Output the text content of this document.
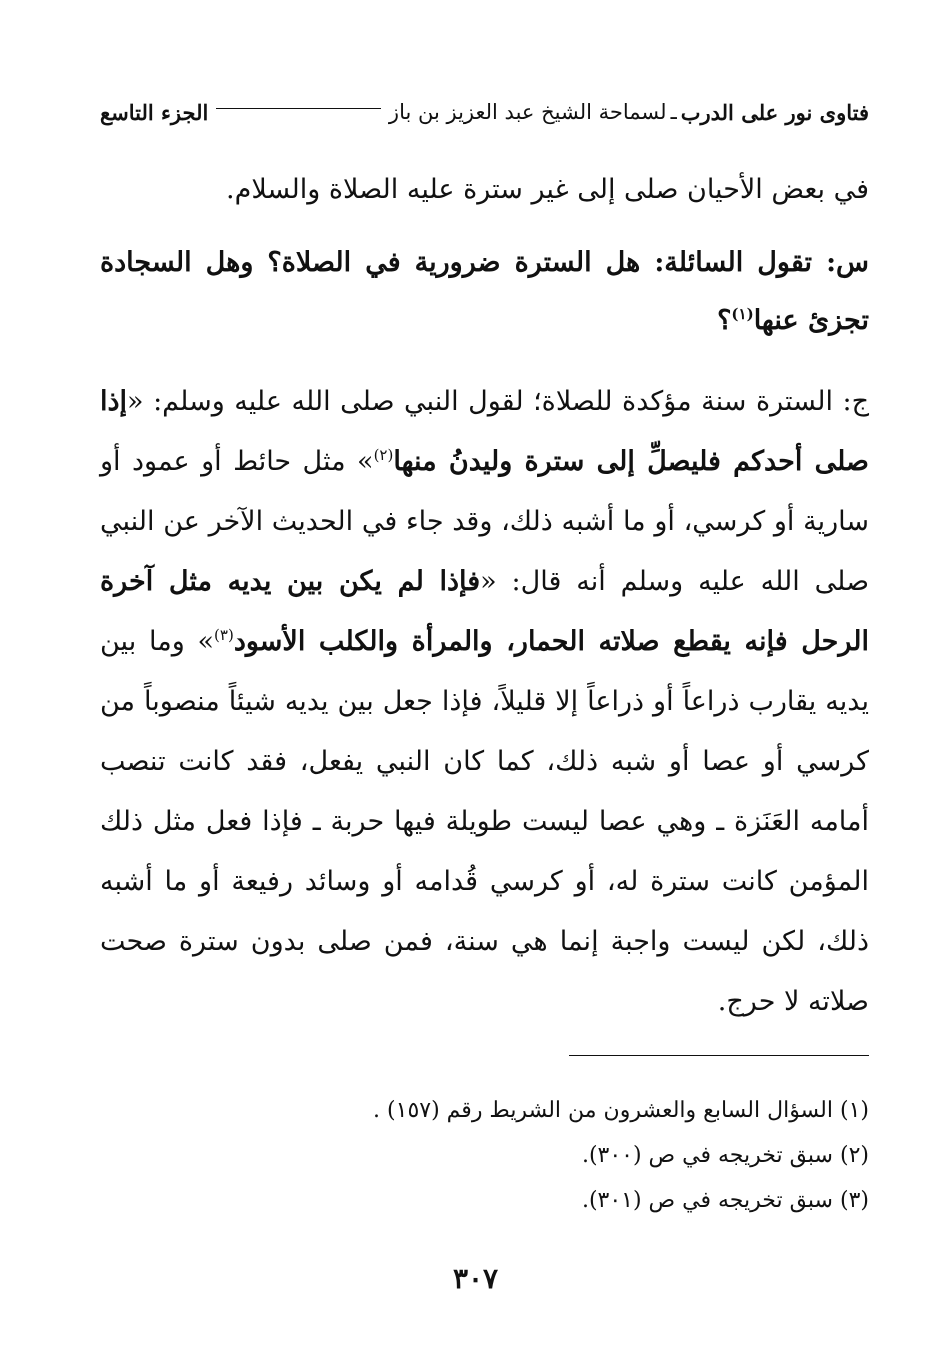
فتاوى نور على الدرب
ـ
لسماحة الشيخ عبد العزيز بن باز
الجزء التاسع

في بعض الأحيان صلى إلى غير سترة عليه الصلاة والسلام.

س: تقول السائلة: هل السترة ضرورية في الصلاة؟ وهل السجادة تجزئ عنها$^{(١)}$؟

ج: السترة سنة مؤكدة للصلاة؛ لقول النبي صلى الله عليه وسلم: «إذا صلى أحدكم فليصلِّ إلى سترة وليدنُ منها$^{(٢)}$» مثل حائط أو عمود أو سارية أو كرسي، أو ما أشبه ذلك، وقد جاء في الحديث الآخر عن النبي صلى الله عليه وسلم أنه قال: «فإذا لم يكن بين يديه مثل آخرة الرحل فإنه يقطع صلاته الحمار، والمرأة والكلب الأسود$^{(٣)}$» وما بين يديه يقارب ذراعاً أو ذراعاً إلا قليلاً، فإذا جعل بين يديه شيئاً منصوباً من كرسي أو عصا أو شبه ذلك، كما كان النبي يفعل، فقد كانت تنصب أمامه العَنَزة ـ وهي عصا ليست طويلة فيها حربة ـ فإذا فعل مثل ذلك المؤمن كانت سترة له، أو كرسي قُدامه أو وسائد رفيعة أو ما أشبه ذلك، لكن ليست واجبة إنما هي سنة، فمن صلى بدون سترة صحت صلاته لا حرج.

(١) السؤال السابع والعشرون من الشريط رقم (١٥٧) .
(٢) سبق تخريجه في ص (٣٠٠).
(٣) سبق تخريجه في ص (٣٠١).
٣٠٧
